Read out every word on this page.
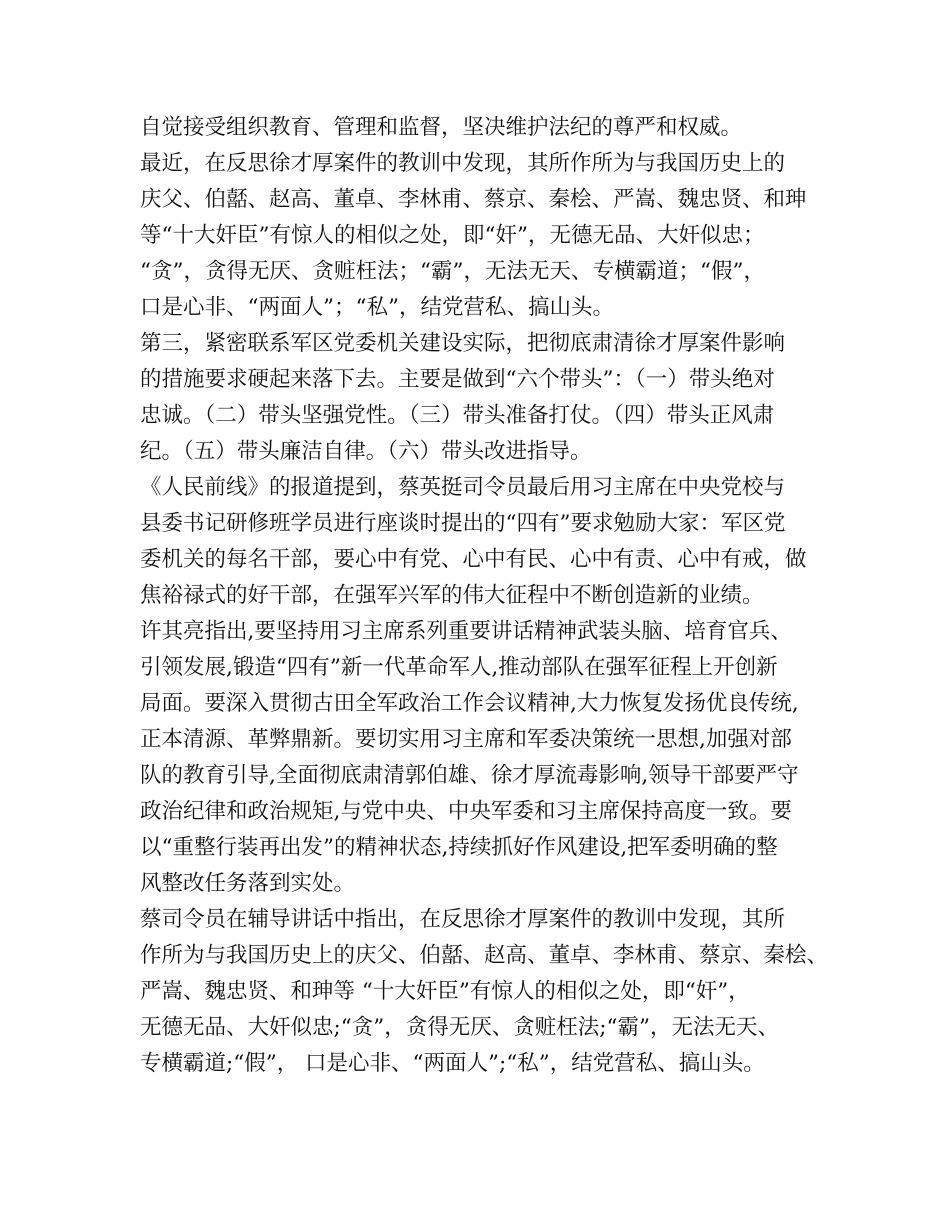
自觉接受组织教育、管理和监督，坚决维护法纪的尊严和权威。
最近，在反思徐才厚案件的教训中发现，其所作所为与我国历史上的
庆父、伯嚭、赵高、董卓、李林甫、蔡京、秦桧、严嵩、魏忠贤、和珅
等“十大奸臣”有惊人的相似之处，即“奸”，无德无品、大奸似忠；
“贪”，贪得无厌、贪赃枉法；“霸”，无法无天、专横霸道；“假”，
口是心非、“两面人”；“私”，结党营私、搞山头。
第三，紧密联系军区党委机关建设实际，把彻底肃清徐才厚案件影响
的措施要求硬起来落下去。主要是做到“六个带头”：（一）带头绝对
忠诚。（二）带头坚强党性。（三）带头准备打仗。（四）带头正风肃
纪。（五）带头廉洁自律。（六）带头改进指导。
《人民前线》的报道提到，蔡英挺司令员最后用习主席在中央党校与
县委书记研修班学员进行座谈时提出的“四有”要求勉励大家：军区党
委机关的每名干部，要心中有党、心中有民、心中有责、心中有戒，做
焦裕禄式的好干部，在强军兴军的伟大征程中不断创造新的业绩。
许其亮指出,要坚持用习主席系列重要讲话精神武装头脑、培育官兵、
引领发展,锻造“四有”新一代革命军人,推动部队在强军征程上开创新
局面。要深入贯彻古田全军政治工作会议精神,大力恢复发扬优良传统,
正本清源、革弊鼎新。要切实用习主席和军委决策统一思想,加强对部
队的教育引导,全面彻底肃清郭伯雄、徐才厚流毒影响,领导干部要严守
政治纪律和政治规矩,与党中央、中央军委和习主席保持高度一致。要
以“重整行装再出发”的精神状态,持续抓好作风建设,把军委明确的整
风整改任务落到实处。
蔡司令员在辅导讲话中指出，在反思徐才厚案件的教训中发现，其所
作所为与我国历史上的庆父、伯嚭、赵高、董卓、李林甫、蔡京、秦桧、
严嵩、魏忠贤、和珅等 “十大奸臣”有惊人的相似之处，即“奸”，
无德无品、大奸似忠;“贪”，贪得无厌、贪赃枉法;“霸”，无法无天、
专横霸道;“假”， 口是心非、“两面人”;“私”，结党营私、搞山头。
